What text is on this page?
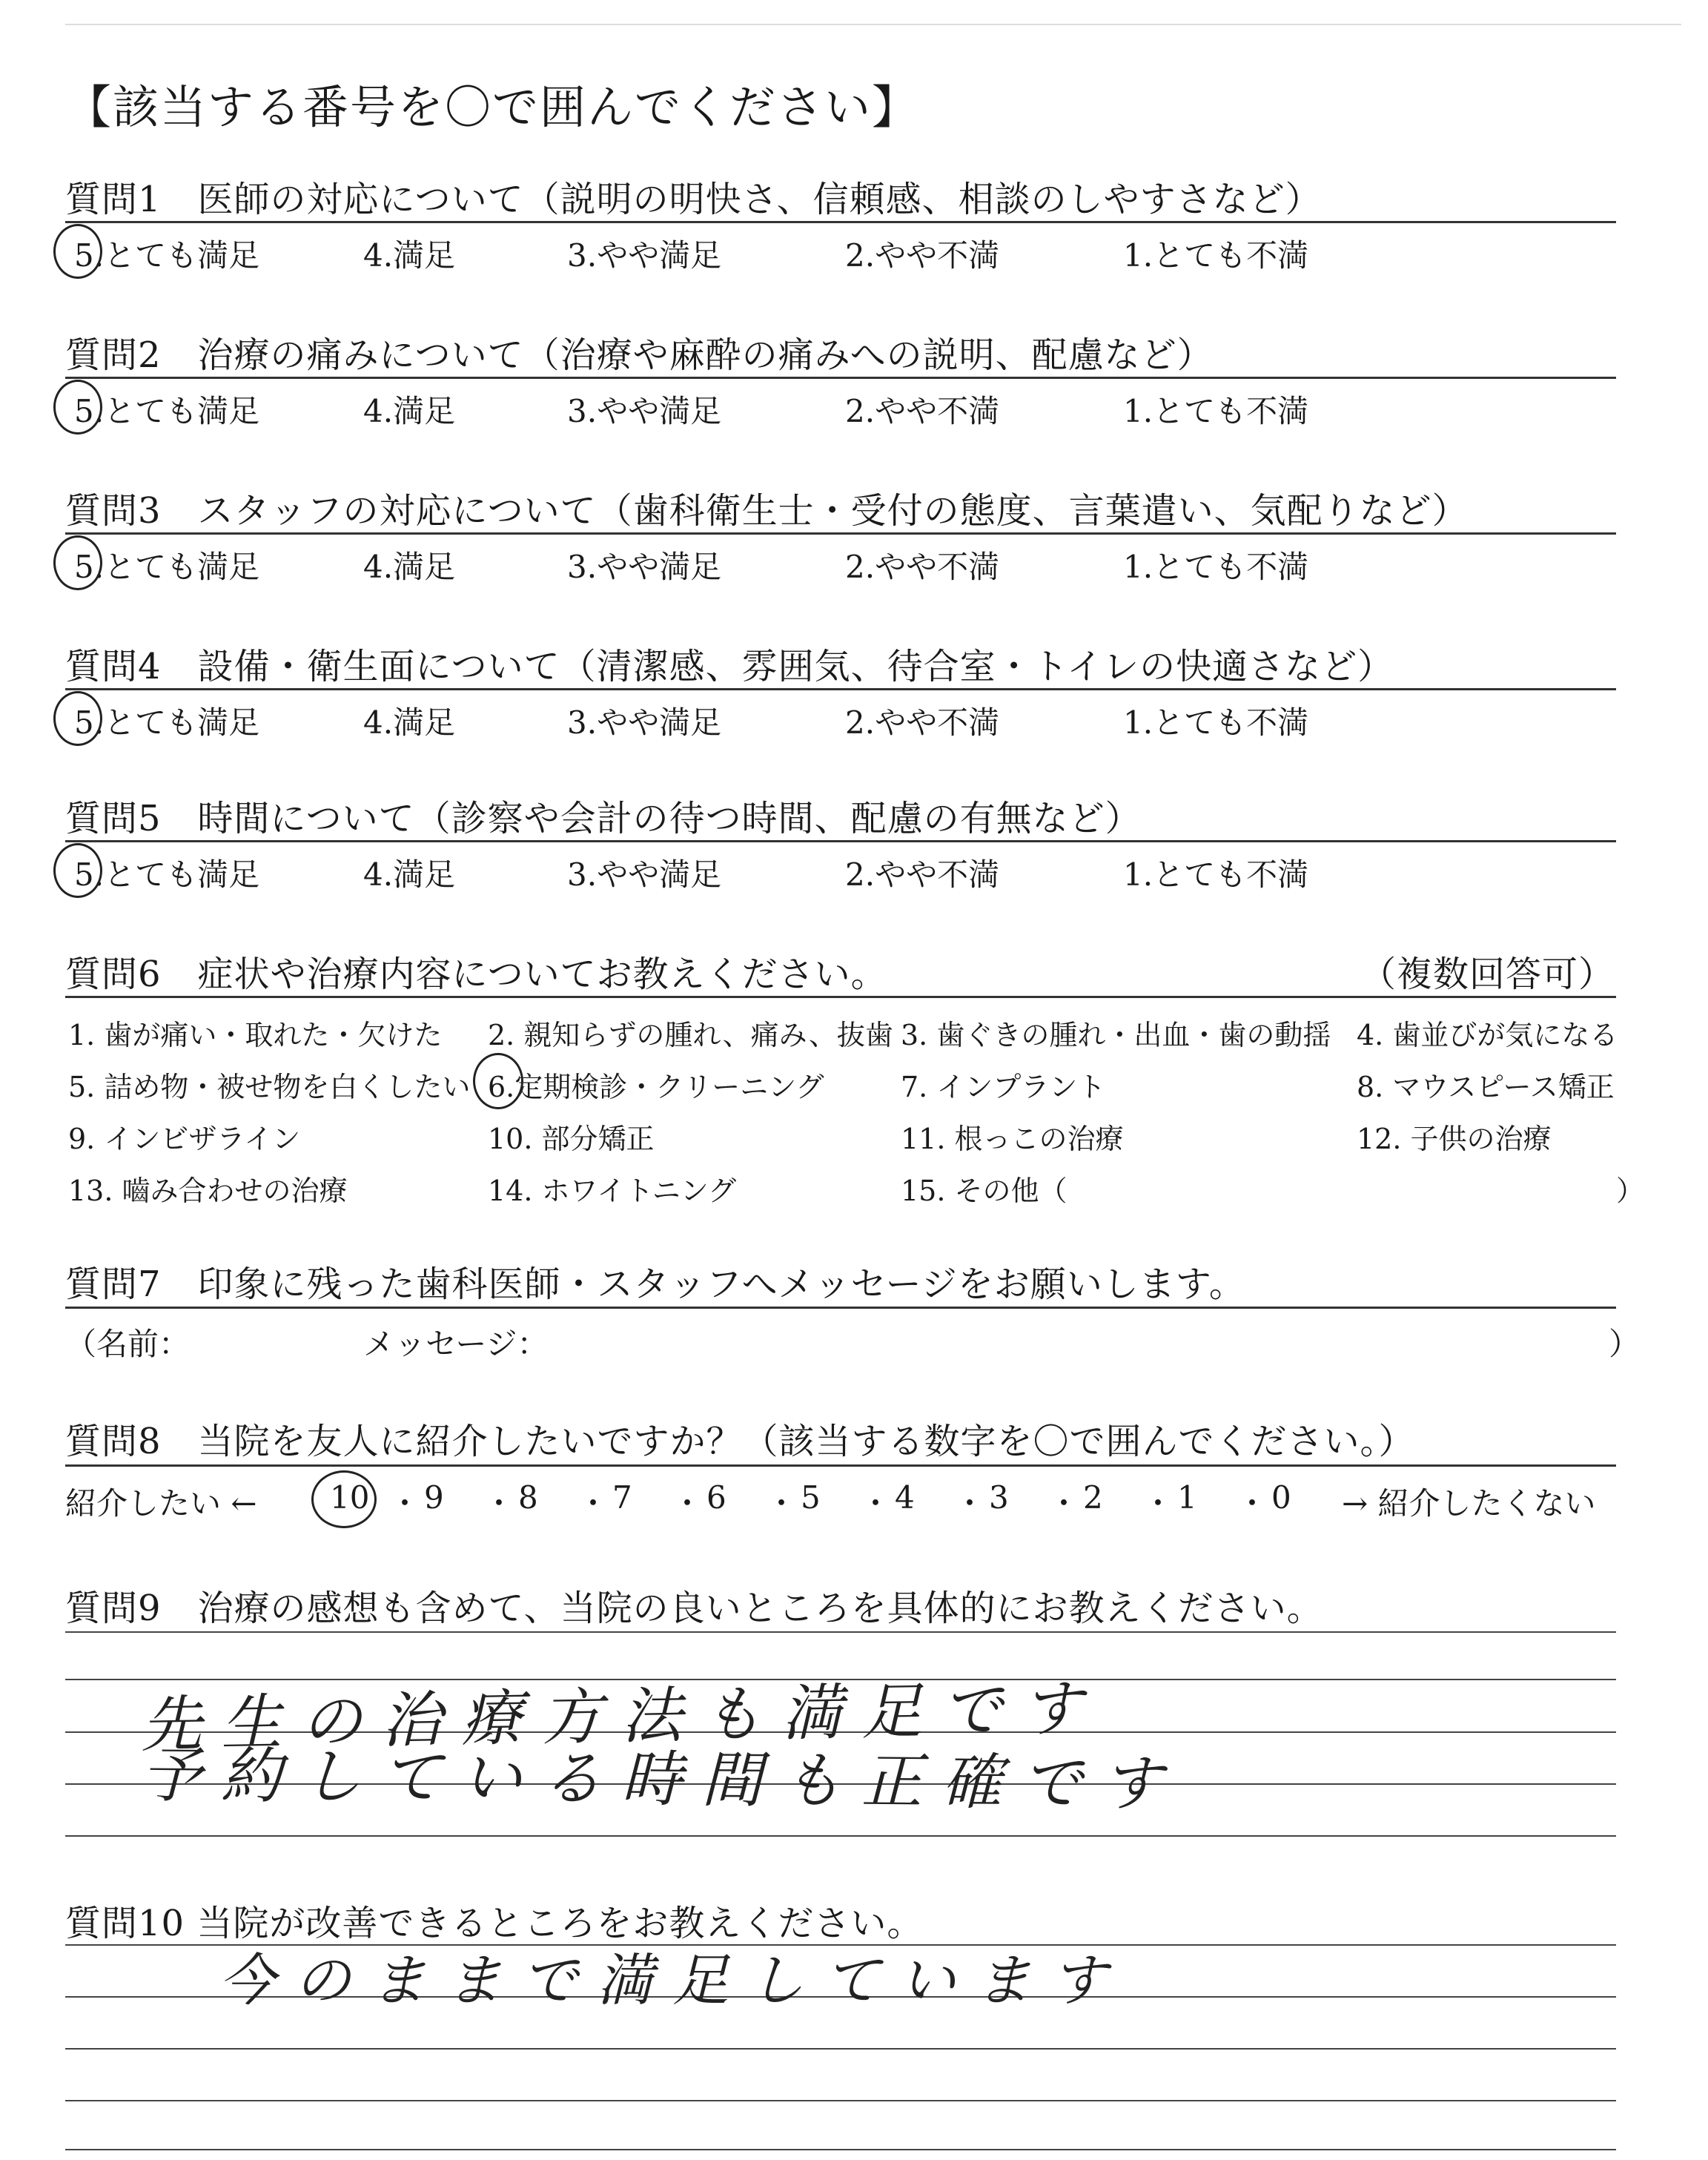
【該当する番号を〇で囲んでください】
質問1　医師の対応について（説明の明快さ、信頼感、相談のしやすさなど）
5.とても満足	4.満足	3.やや満足	2.やや不満	1.とても不満
質問2　治療の痛みについて（治療や麻酔の痛みへの説明、配慮など）
5.とても満足	4.満足	3.やや満足	2.やや不満	1.とても不満
質問3　スタッフの対応について（歯科衛生士・受付の態度、言葉遣い、気配りなど）
5.とても満足	4.満足	3.やや満足	2.やや不満	1.とても不満
質問4　設備・衛生面について（清潔感、雰囲気、待合室・トイレの快適さなど）
5.とても満足	4.満足	3.やや満足	2.やや不満	1.とても不満
質問5　時間について（診察や会計の待つ時間、配慮の有無など）
5.とても満足	4.満足	3.やや満足	2.やや不満	1.とても不満
質問6　症状や治療内容についてお教えください。	（複数回答可）
1. 歯が痛い・取れた・欠けた 2. 親知らずの腫れ、痛み、抜歯 3. 歯ぐきの腫れ・出血・歯の動揺 4. 歯並びが気になる
5. 詰め物・被せ物を白くしたい 6.定期検診・クリーニング	7. インプラント	8. マウスピース矯正
9. インビザライン	10. 部分矯正	11. 根っこの治療	12. 子供の治療
13. 嚙み合わせの治療	14. ホワイトニング	15. その他（	）
質問7　印象に残った歯科医師・スタッフへメッセージをお願いします。
（名前：	メッセージ：	）
質問8　当院を友人に紹介したいですか？（該当する数字を〇で囲んでください。）
紹介したい ← 10 ・ 9 ・ 8 ・ 7 ・ 6 ・ 5 ・ 4 ・ 3 ・ 2 ・ 1 ・ 0 → 紹介したくない
質問9　治療の感想も含めて、当院の良いところを具体的にお教えください。
先生の治療方法も満足です
予約している時間も正確です
質問10 当院が改善できるところをお教えください。
今のままで満足しています
